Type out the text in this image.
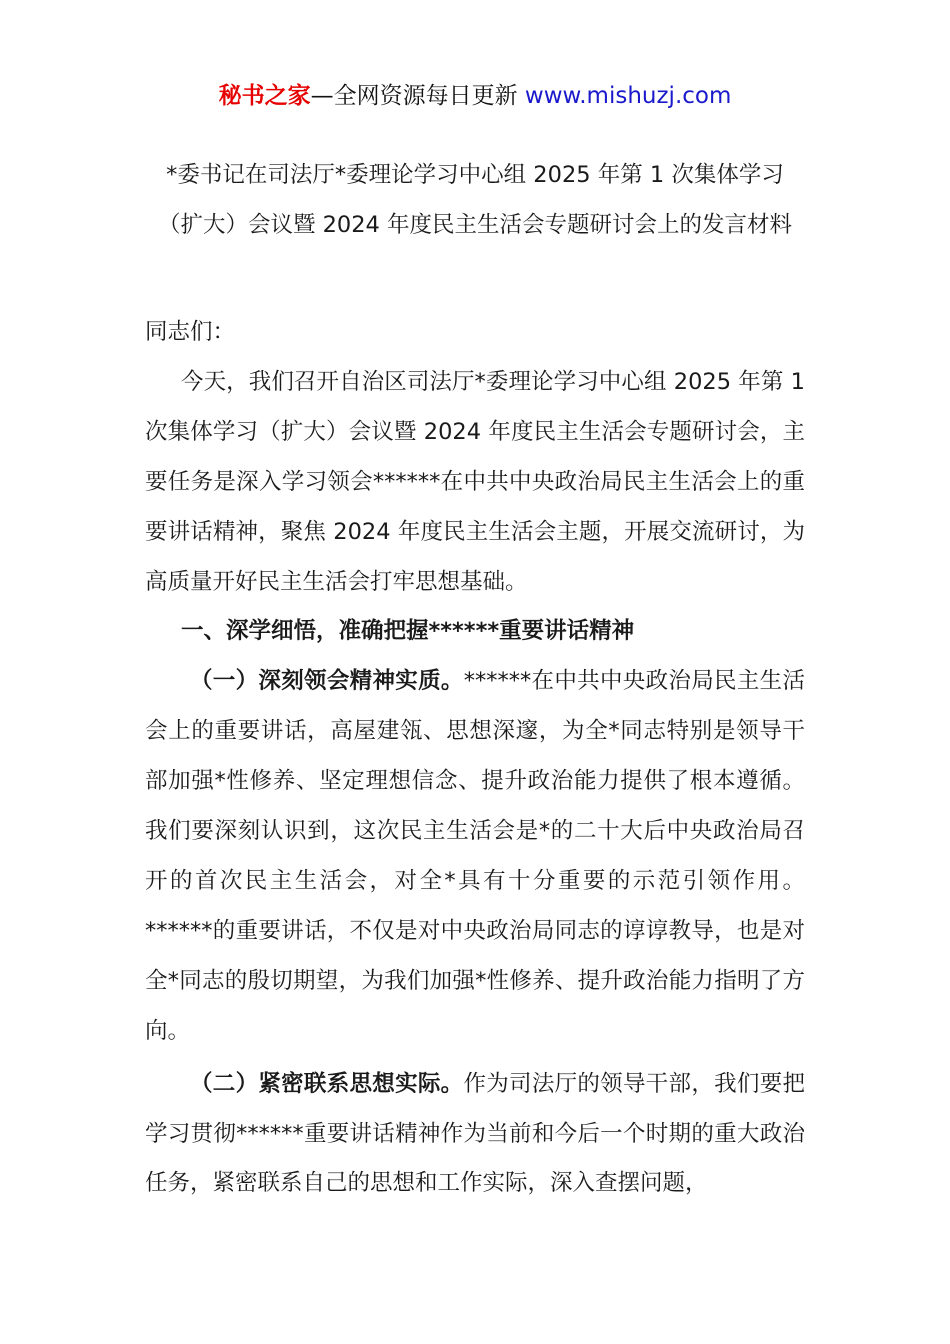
秘书之家—全网资源每日更新 www.mishuzj.com
*委书记在司法厅*委理论学习中心组 2025 年第 1 次集体学习（扩大）会议暨 2024 年度民主生活会专题研讨会上的发言材料

同志们：

今天，我们召开自治区司法厅*委理论学习中心组 2025 年第 1 次集体学习（扩大）会议暨 2024 年度民主生活会专题研讨会，主要任务是深入学习领会******在中共中央政治局民主生活会上的重要讲话精神，聚焦 2024 年度民主生活会主题，开展交流研讨，为高质量开好民主生活会打牢思想基础。

一、深学细悟，准确把握******重要讲话精神

（一）深刻领会精神实质。******在中共中央政治局民主生活会上的重要讲话，高屋建瓴、思想深邃，为全*同志特别是领导干部加强*性修养、坚定理想信念、提升政治能力提供了根本遵循。我们要深刻认识到，这次民主生活会是*的二十大后中央政治局召开的首次民主生活会，对全*具有十分重要的示范引领作用。******的重要讲话，不仅是对中央政治局同志的谆谆教导，也是对全*同志的殷切期望，为我们加强*性修养、提升政治能力指明了方向。

（二）紧密联系思想实际。作为司法厅的领导干部，我们要把学习贯彻******重要讲话精神作为当前和今后一个时期的重大政治任务，紧密联系自己的思想和工作实际，深入查摆问题，
